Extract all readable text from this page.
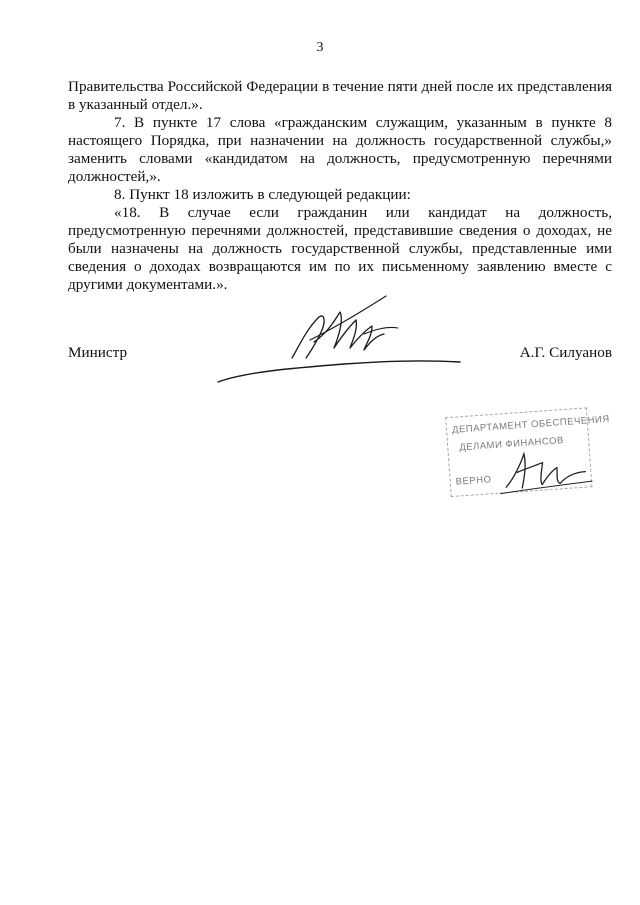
3

Правительства Российской Федерации в течение пяти дней после их представления в указанный отдел.».

7. В пункте 17 слова «гражданским служащим, указанным в пункте 8 настоящего Порядка, при назначении на должность государственной службы,» заменить словами «кандидатом на должность, предусмотренную перечнями должностей,».

8. Пункт 18 изложить в следующей редакции:

«18. В случае если гражданин или кандидат на должность, предусмотренную перечнями должностей, представившие сведения о доходах, не были назначены на должность государственной службы, представленные ими сведения о доходах возвращаются им по их письменному заявлению вместе с другими документами.».

Министр	А.Г. Силуанов
ДЕПАРТАМЕНТ ОБЕСПЕЧЕНИЯ
ДЕЛАМИ ФИНАНСОВ
ВЕРНО
